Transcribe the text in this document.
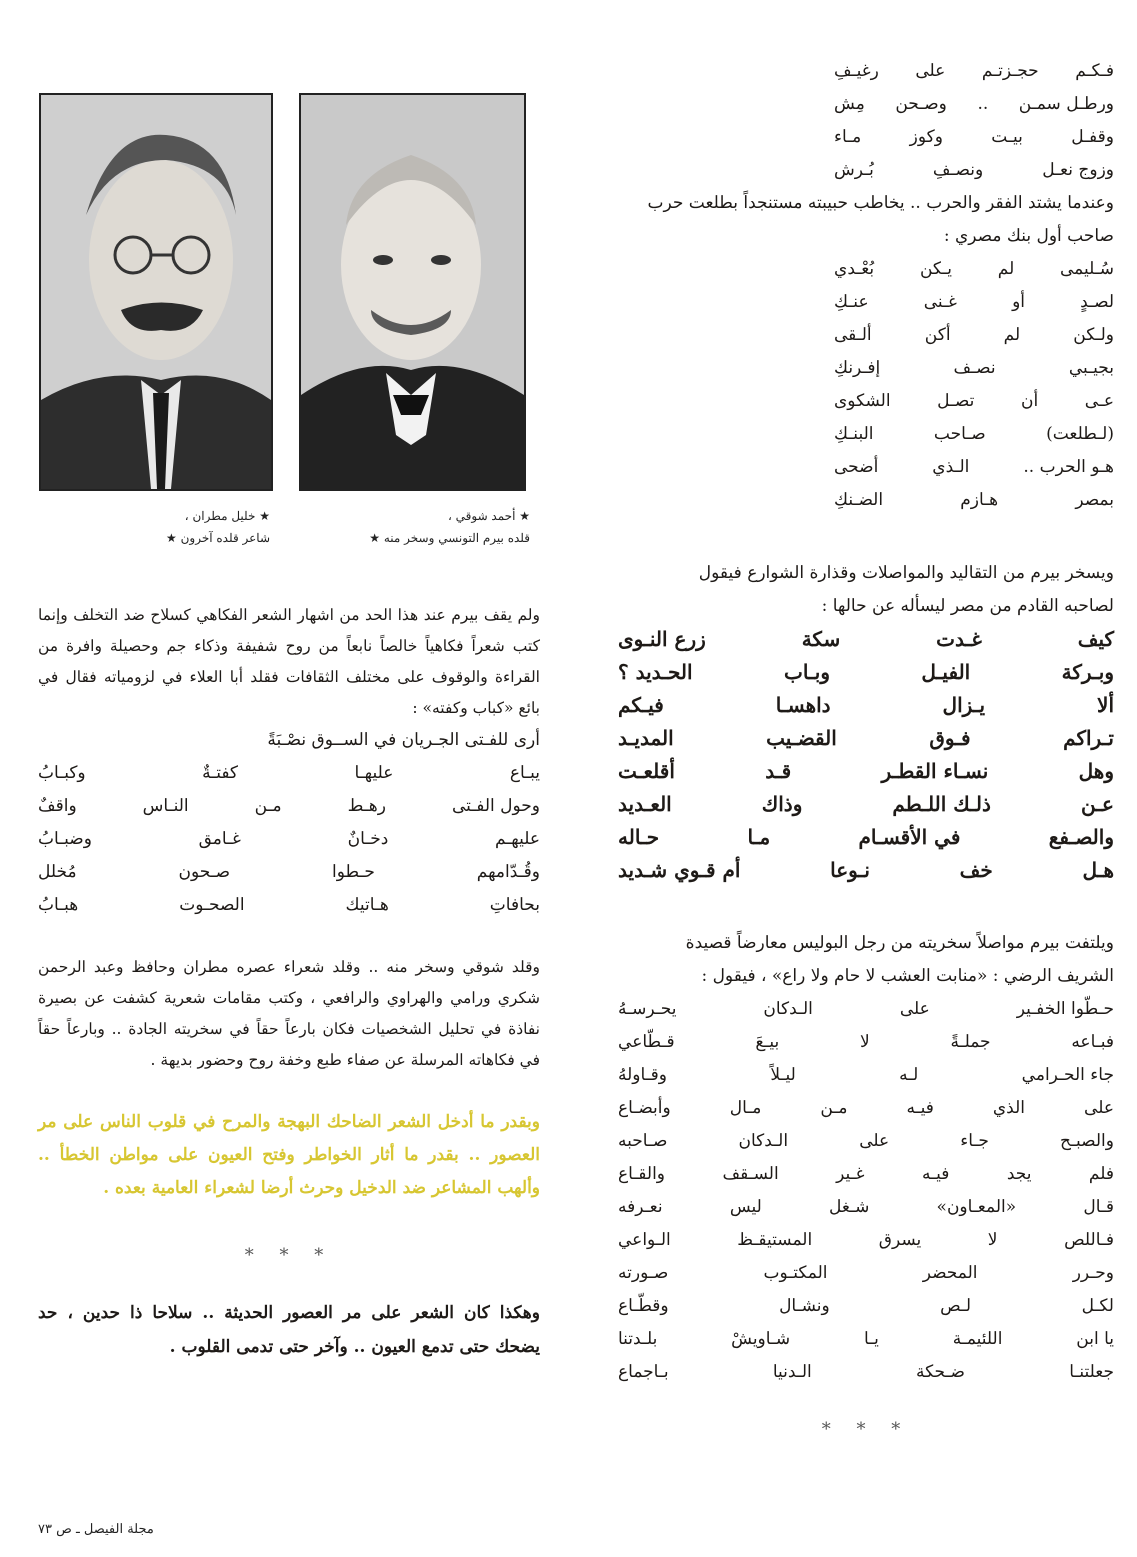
★ أحمد شوقي ،
قلده بيرم التونسي وسخر منه ★
★ خليل مطران ،
شاعر قلده آخرون ★
فـكـم
حجـزتـم
على
رغيـفِ
ورطـل سمـن
..
وصـحن
مِش
وقفـل
بيـت
وكوز
مـاء
وزوج نعـل
ونصـفِ
بُـرش
وعندما يشتد الفقر والحرب .. يخاطب حبيبته مستنجداً بطلعت حرب
صاحب أول بنك مصري :
سُـليمى
لم
يـكن
بُعْـدي
لصـدٍ
أو
غـنى
عنـكِ
ولـكن
لم
أكن
ألـقى
بجيـبي
نصـف
إفـرنكِ
عـى
أن
تصـل
الشكوى
(لـطلعت)
صـاحب
البنـكِ
هـو الحرب ..
الـذي
أضحى
بمصر
هـازم
الضـنكِ
ويسخر بيرم من التقاليد والمواصلات وقذارة الشوارع فيقول
لصاحبه القادم من مصر ليسأله عن حالها :
كيف
غـدت
سكة
زرع النـوى
وبـركة
الفيـل
وبـاب
الحـديد ؟
ألا
يـزال
داهسـا
فيـكم
تـراكم
فـوق
القضـيب
المديـد
وهل
نسـاء القطـر
قـد
أقلعـت
عـن
ذلـك اللـطم
وذاك
العـديد
والصـفع
في الأقسـام
مـا
حـاله
هـل
خف
نـوعا
أم قـوي شـديد
ويلتفت بيرم مواصلاً سخريته من رجل البوليس معارضاً قصيدة
الشريف الرضي : «منابت العشب لا حام ولا راع» ، فيقول :
حـطّوا الخفـير
على
الـدكان
يحـرسـهُ
فبـاعه
جملـةً
لا
بيـعَ
قـطّاعي
جاء الحـرامي
لـه
ليـلاً
وقـاولهُ
على
الذي
فيـه
مـن
مـال
وأبضـاع
والصبـح
جـاء
على
الـدكان
صـاحبه
فلم
يجد
فيـه
غـير
السـقف
والقـاع
قـال
«المعـاون»
شـغل
ليس
نعـرفه
فـاللص
لا
يسرق
المستيقـظ
الـواعي
وحـرر
المحضر
المكتـوب
صـورته
لكـل
لـص
ونشـال
وقطّـاع
يا ابن
اللئيمـة
يـا
شـاويشْ
بلـدتنا
جعلتنـا
ضـحكة
الـدنيا
بـاجماع
* * *

ولم يقف بيرم عند هذا الحد من اشهار الشعر الفكاهي كسلاح ضد التخلف وإنما كتب شعراً فكاهياً خالصاً نابعاً من روح شفيفة وذكاء جم وحصيلة وافرة من القراءة والوقوف على مختلف الثقافات فقلد أبا العلاء في لزومياته فقال في بائع «كباب وكفته» :

أرى للفـتى الجـريان في الســوق نصْـبَةً
يبـاع
عليهـا
كفتـةٌ
وكبـابُ
وحول الفـتى
رهـط
مـن
النـاس
واقفٌ
عليهـم
دخـانٌ
غـامق
وضبـابُ
وقُـدّامهم
حـطوا
صـحون
مُخلل
بحافاتِ
هـاتيك
الصحـوت
هبـابُ

وقلد شوقي وسخر منه .. وقلد شعراء عصره مطران وحافظ وعبد الرحمن شكري ورامي والهراوي والرافعي ، وكتب مقامات شعرية كشفت عن بصيرة نفاذة في تحليل الشخصيات فكان بارعاً حقاً في سخريته الجادة .. وبارعاً حقاً في فكاهاته المرسلة عن صفاء طبع وخفة روح وحضور بديهة .

وبقدر ما أدخل الشعر الضاحك البهجة والمرح في قلوب الناس على مر العصور .. بقدر ما أثار الخواطر وفتح العيون على مواطن الخطأ .. وألهب المشاعر ضد الدخيل وحرث أرضا لشعراء العامية بعده .

* * *

وهكذا كان الشعر على مر العصور الحديثة .. سلاحا ذا حدين ، حد يضحك حتى تدمع العيون .. وآخر حتى تدمى القلوب .

مجلة الفيصل ـ ص ٧٣
